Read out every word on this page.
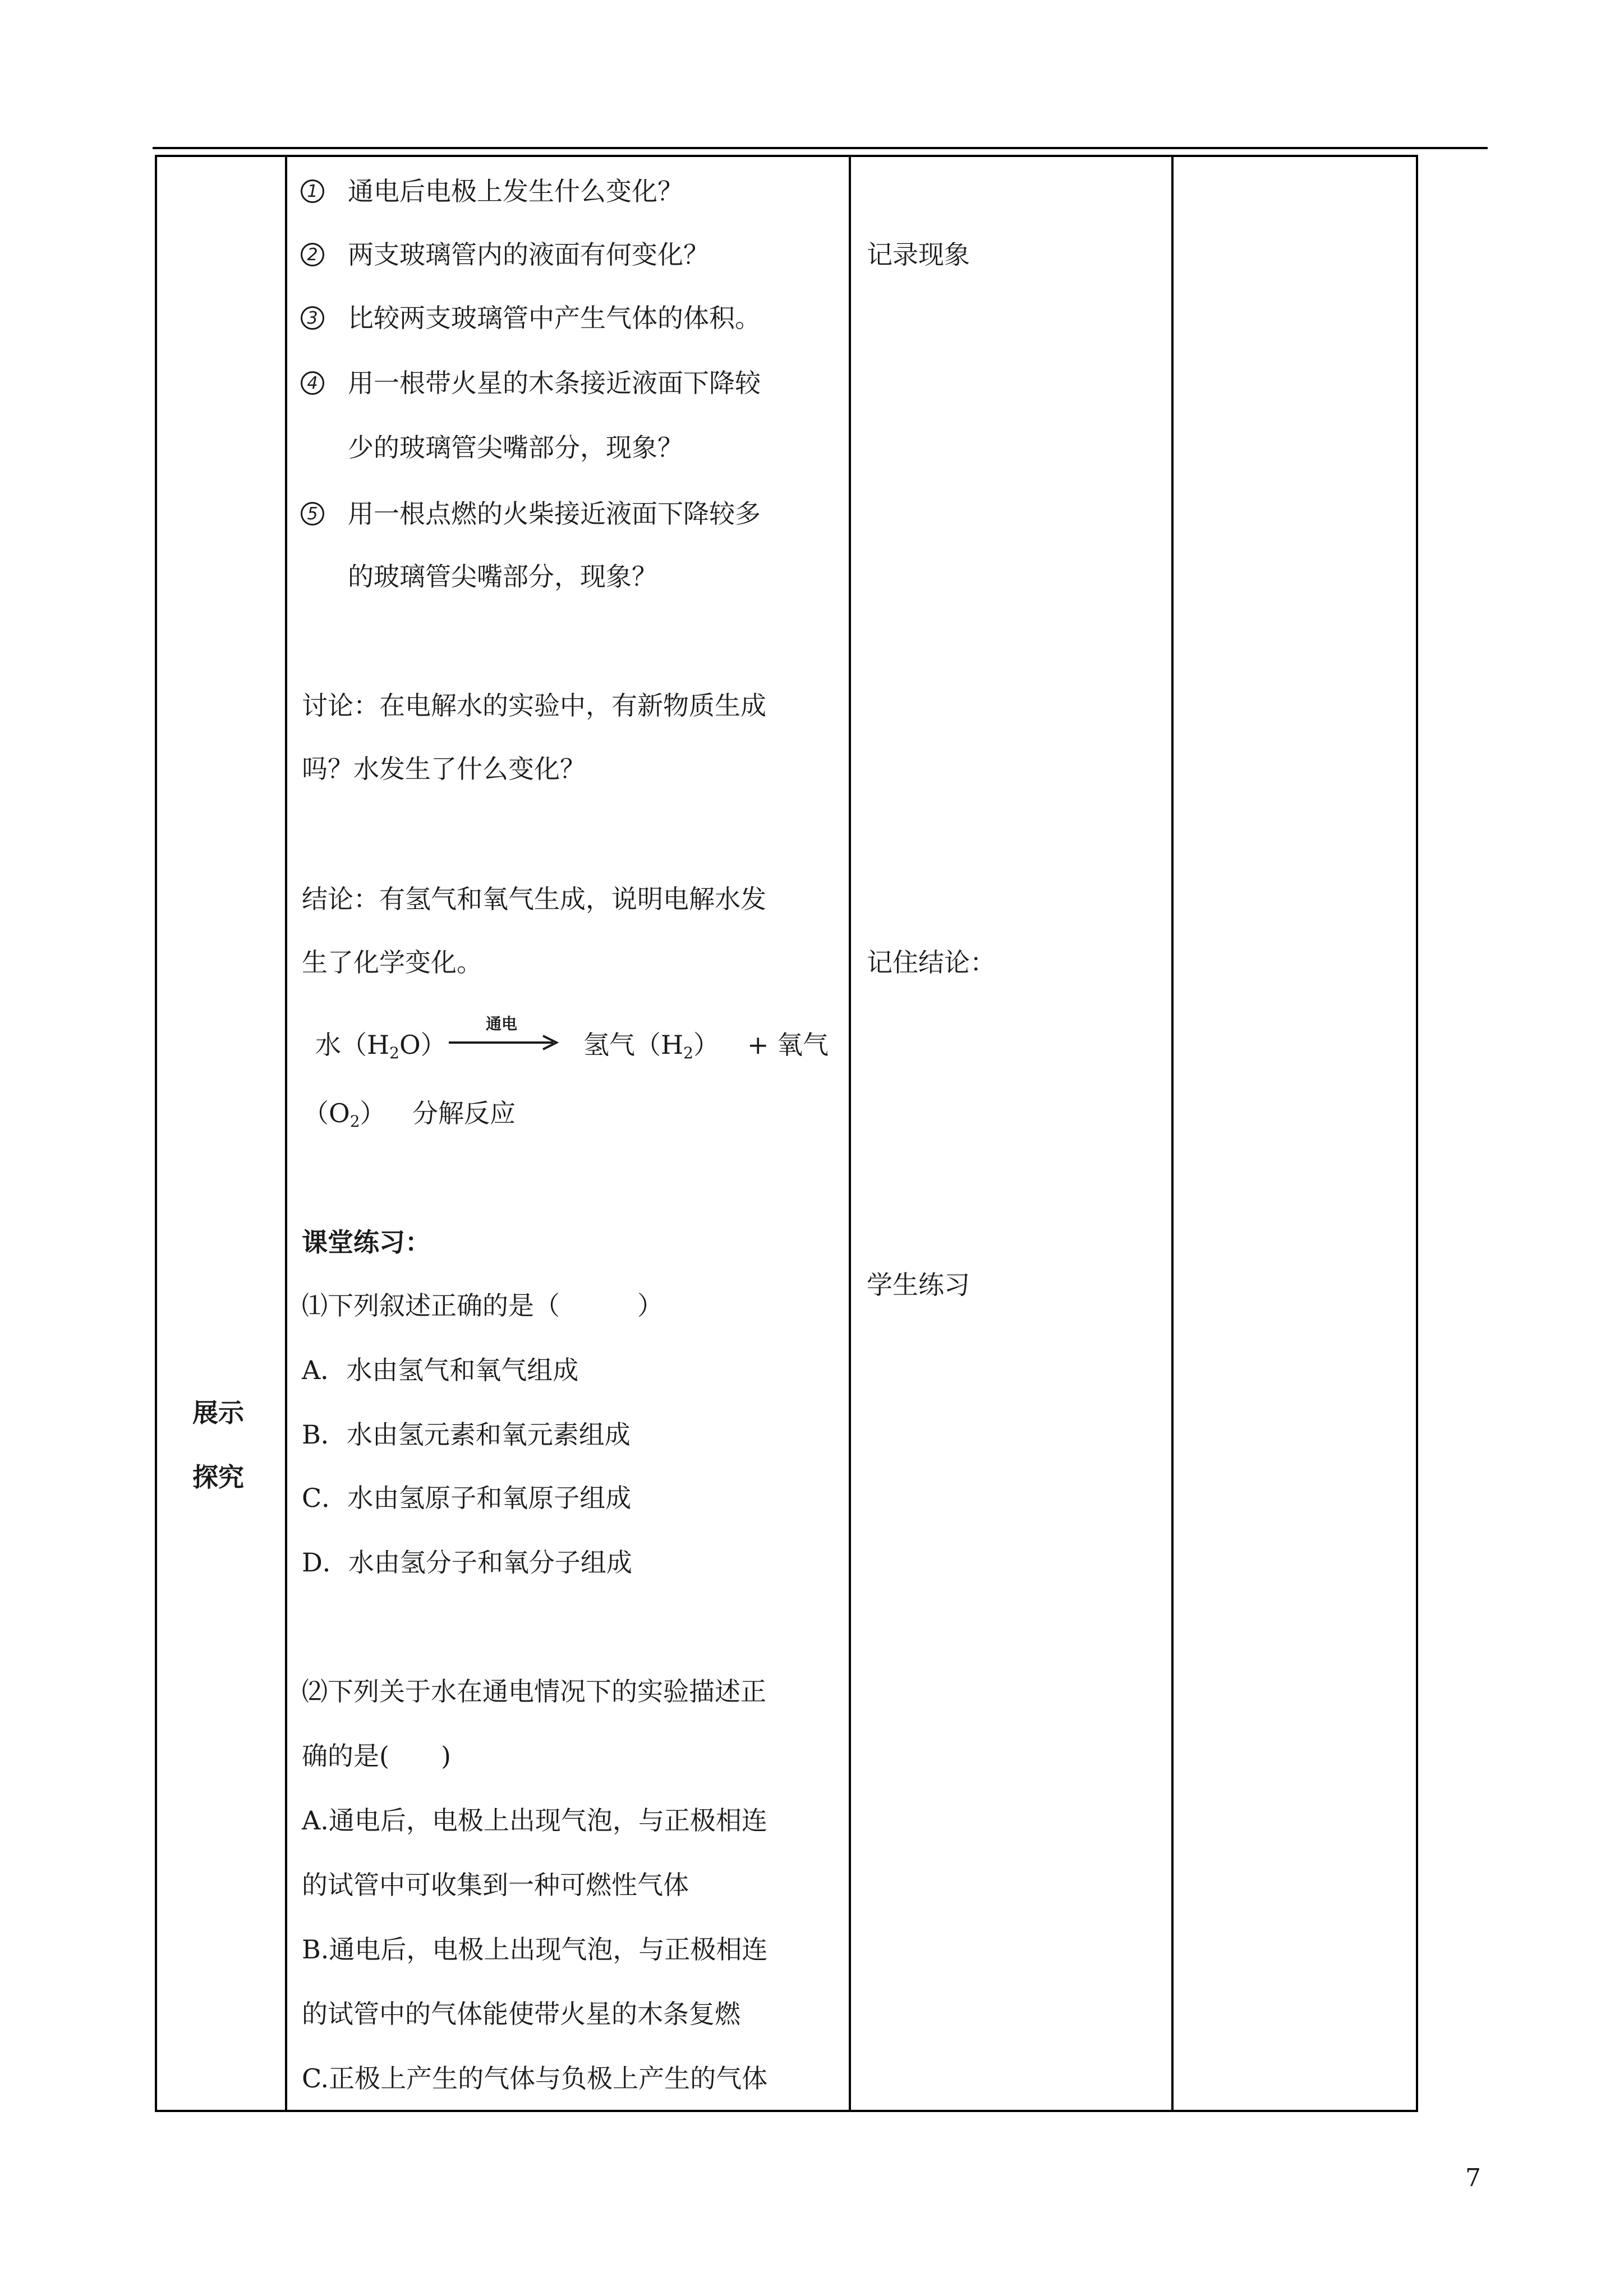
展示
探究
1 通电后电极上发生什么变化？
2 两支玻璃管内的液面有何变化？
3 比较两支玻璃管中产生气体的体积。
4 用一根带火星的木条接近液面下降较
少的玻璃管尖嘴部分，现象？
5 用一根点燃的火柴接近液面下降较多
的玻璃管尖嘴部分，现象？
讨论：在电解水的实验中，有新物质生成
吗？水发生了什么变化？
结论：有氢气和氧气生成，说明电解水发
生了化学变化。
水$(H_2O)$
通电
氢气$(H_2)$ + 氧气
$(O_2)$ 分解反应
课堂练习：
⑴下列叙述正确的是（　　　）
A．水由氢气和氧气组成
B．水由氢元素和氧元素组成
C．水由氢原子和氧原子组成
D．水由氢分子和氧分子组成
⑵下列关于水在通电情况下的实验描述正
确的是(　　)
A.通电后，电极上出现气泡，与正极相连
的试管中可收集到一种可燃性气体
B.通电后，电极上出现气泡，与正极相连
的试管中的气体能使带火星的木条复燃
C.正极上产生的气体与负极上产生的气体
记录现象
记住结论：
学生练习
7
